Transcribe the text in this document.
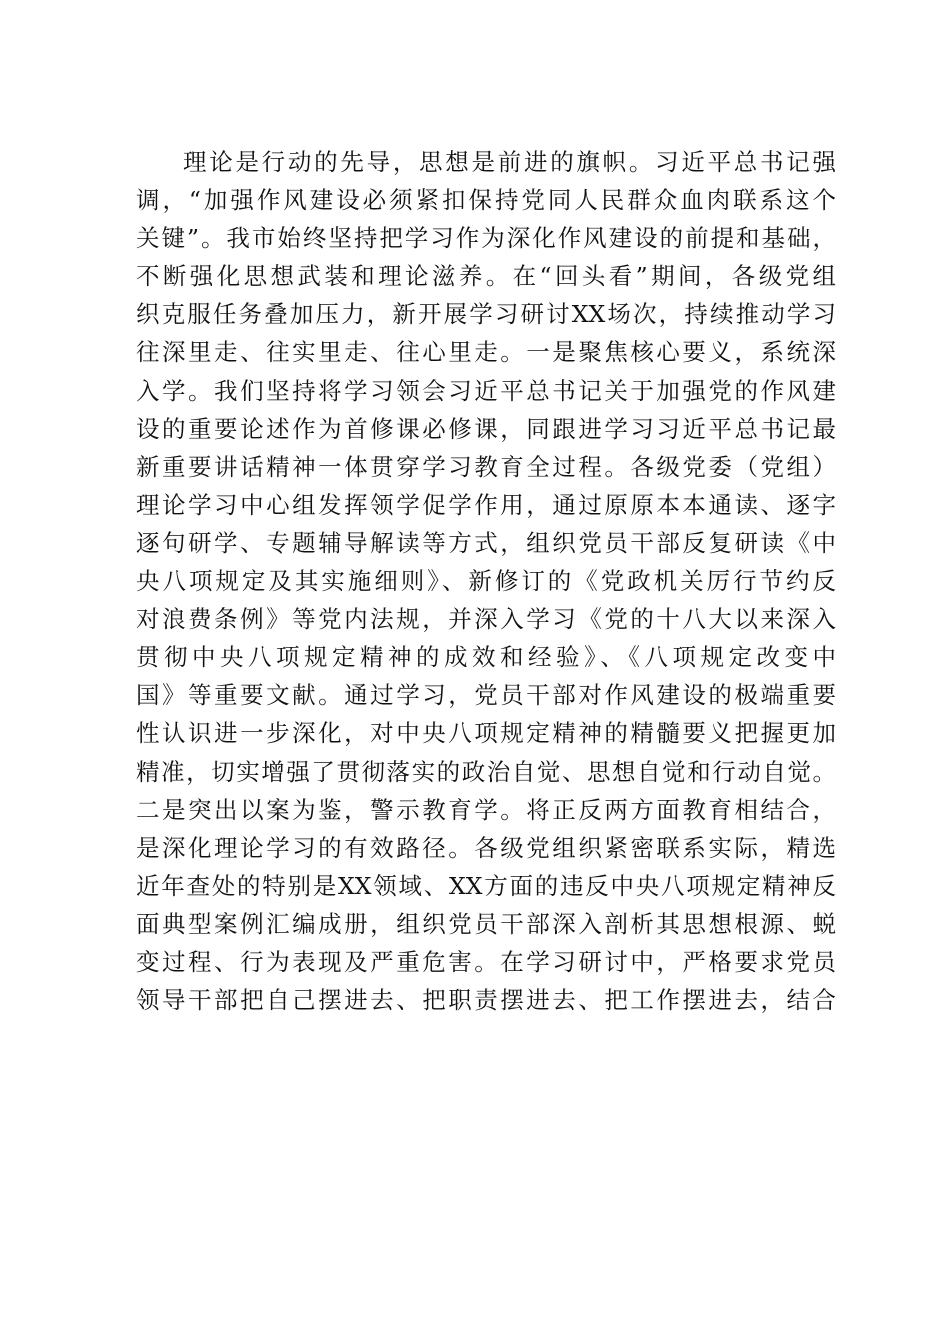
理论是行动的先导，思想是前进的旗帜。习近平总书记强
调，“加强作风建设必须紧扣保持党同人民群众血肉联系这个
关键”。我市始终坚持把学习作为深化作风建设的前提和基础，
不断强化思想武装和理论滋养。在“回头看”期间，各级党组
织克服任务叠加压力，新开展学习研讨XX场次，持续推动学习
往深里走、往实里走、往心里走。一是聚焦核心要义，系统深
入学。我们坚持将学习领会习近平总书记关于加强党的作风建
设的重要论述作为首修课必修课，同跟进学习习近平总书记最
新重要讲话精神一体贯穿学习教育全过程。各级党委（党组）
理论学习中心组发挥领学促学作用，通过原原本本通读、逐字
逐句研学、专题辅导解读等方式，组织党员干部反复研读《中
央八项规定及其实施细则》、新修订的《党政机关厉行节约反
对浪费条例》等党内法规，并深入学习《党的十八大以来深入
贯彻中央八项规定精神的成效和经验》、《八项规定改变中
国》等重要文献。通过学习，党员干部对作风建设的极端重要
性认识进一步深化，对中央八项规定精神的精髓要义把握更加
精准，切实增强了贯彻落实的政治自觉、思想自觉和行动自觉。
二是突出以案为鉴，警示教育学。将正反两方面教育相结合，
是深化理论学习的有效路径。各级党组织紧密联系实际，精选
近年查处的特别是XX领域、XX方面的违反中央八项规定精神反
面典型案例汇编成册，组织党员干部深入剖析其思想根源、蜕
变过程、行为表现及严重危害。在学习研讨中，严格要求党员
领导干部把自己摆进去、把职责摆进去、把工作摆进去，结合
